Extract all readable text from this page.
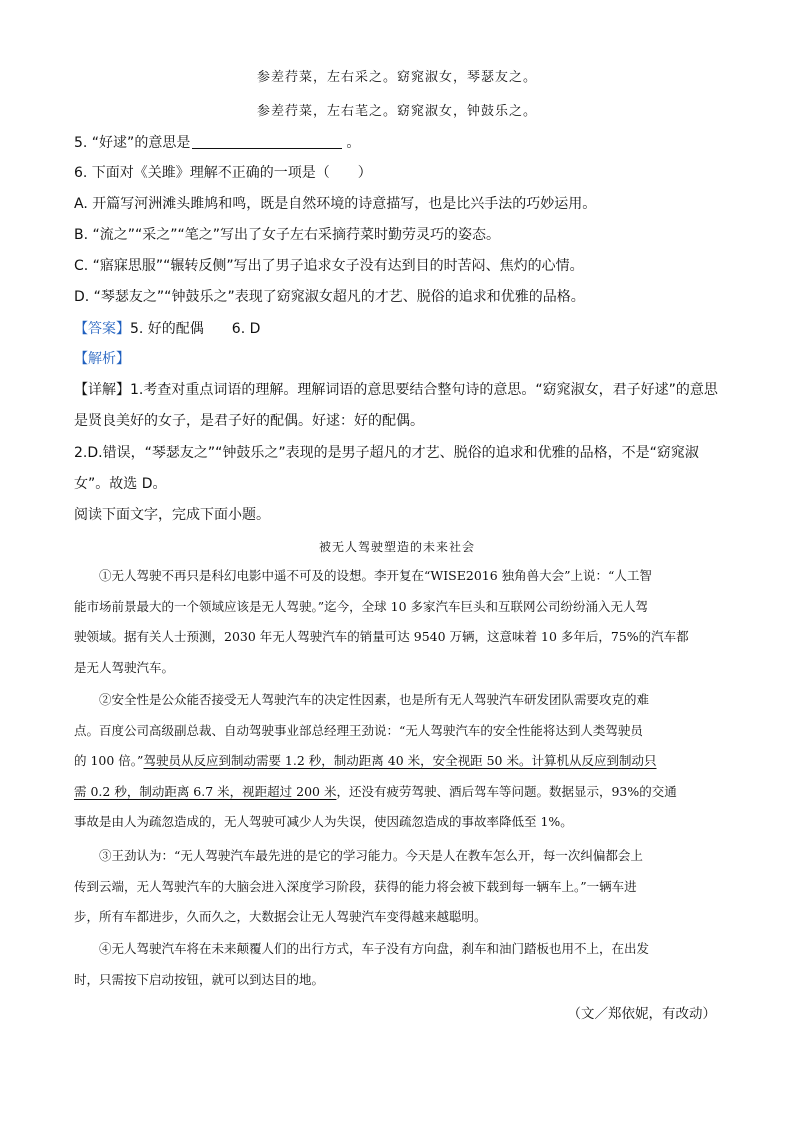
参差荇菜，左右采之。窈窕淑女，琴瑟友之。
参差荇菜，左右芼之。窈窕淑女，钟鼓乐之。
5. “好逑”的意思是	。
6. 下面对《关雎》理解不正确的一项是（　　）
A. 开篇写河洲滩头雎鸠和鸣，既是自然环境的诗意描写，也是比兴手法的巧妙运用。
B. “流之”“采之”“笔之”写出了女子左右采摘荇菜时勤劳灵巧的姿态。
C. “寤寐思服”“辗转反侧”写出了男子追求女子没有达到目的时苦闷、焦灼的心情。
D. “琴瑟友之”“钟鼓乐之”表现了窈窕淑女超凡的才艺、脱俗的追求和优雅的品格。
【答案】5. 好的配偶　　6. D
【解析】
【详解】1.考查对重点词语的理解。理解词语的意思要结合整句诗的意思。“窈窕淑女，君子好逑”的意思
是贤良美好的女子，是君子好的配偶。好逑：好的配偶。
2.D.错误，“琴瑟友之”“钟鼓乐之”表现的是男子超凡的才艺、脱俗的追求和优雅的品格，不是“窈窕淑
女”。故选 D。
阅读下面文字，完成下面小题。
被无人驾驶塑造的未来社会
①无人驾驶不再只是科幻电影中遥不可及的设想。李开复在“WISE2016 独角兽大会”上说：“人工智
能市场前景最大的一个领域应该是无人驾驶。”迄今，全球 10 多家汽车巨头和互联网公司纷纷涌入无人驾
驶领域。据有关人士预测，2030 年无人驾驶汽车的销量可达 9540 万辆，这意味着 10 多年后，75%的汽车都
是无人驾驶汽车。
②安全性是公众能否接受无人驾驶汽车的决定性因素，也是所有无人驾驶汽车研发团队需要攻克的难
点。百度公司高级副总裁、自动驾驶事业部总经理王劲说：“无人驾驶汽车的安全性能将达到人类驾驶员
的 100 倍。”驾驶员从反应到制动需要 1.2 秒，制动距离 40 米，安全视距 50 米。计算机从反应到制动只
需 0.2 秒，制动距离 6.7 米，视距超过 200 米，还没有疲劳驾驶、酒后驾车等问题。数据显示，93%的交通
事故是由人为疏忽造成的，无人驾驶可减少人为失误，使因疏忽造成的事故率降低至 1%。
③王劲认为：“无人驾驶汽车最先进的是它的学习能力。今天是人在教车怎么开，每一次纠偏都会上
传到云端，无人驾驶汽车的大脑会进入深度学习阶段，获得的能力将会被下载到每一辆车上。”一辆车进
步，所有车都进步，久而久之，大数据会让无人驾驶汽车变得越来越聪明。
④无人驾驶汽车将在未来颠覆人们的出行方式，车子没有方向盘，刹车和油门踏板也用不上，在出发
时，只需按下启动按钮，就可以到达目的地。
（文／郑依妮，有改动）
